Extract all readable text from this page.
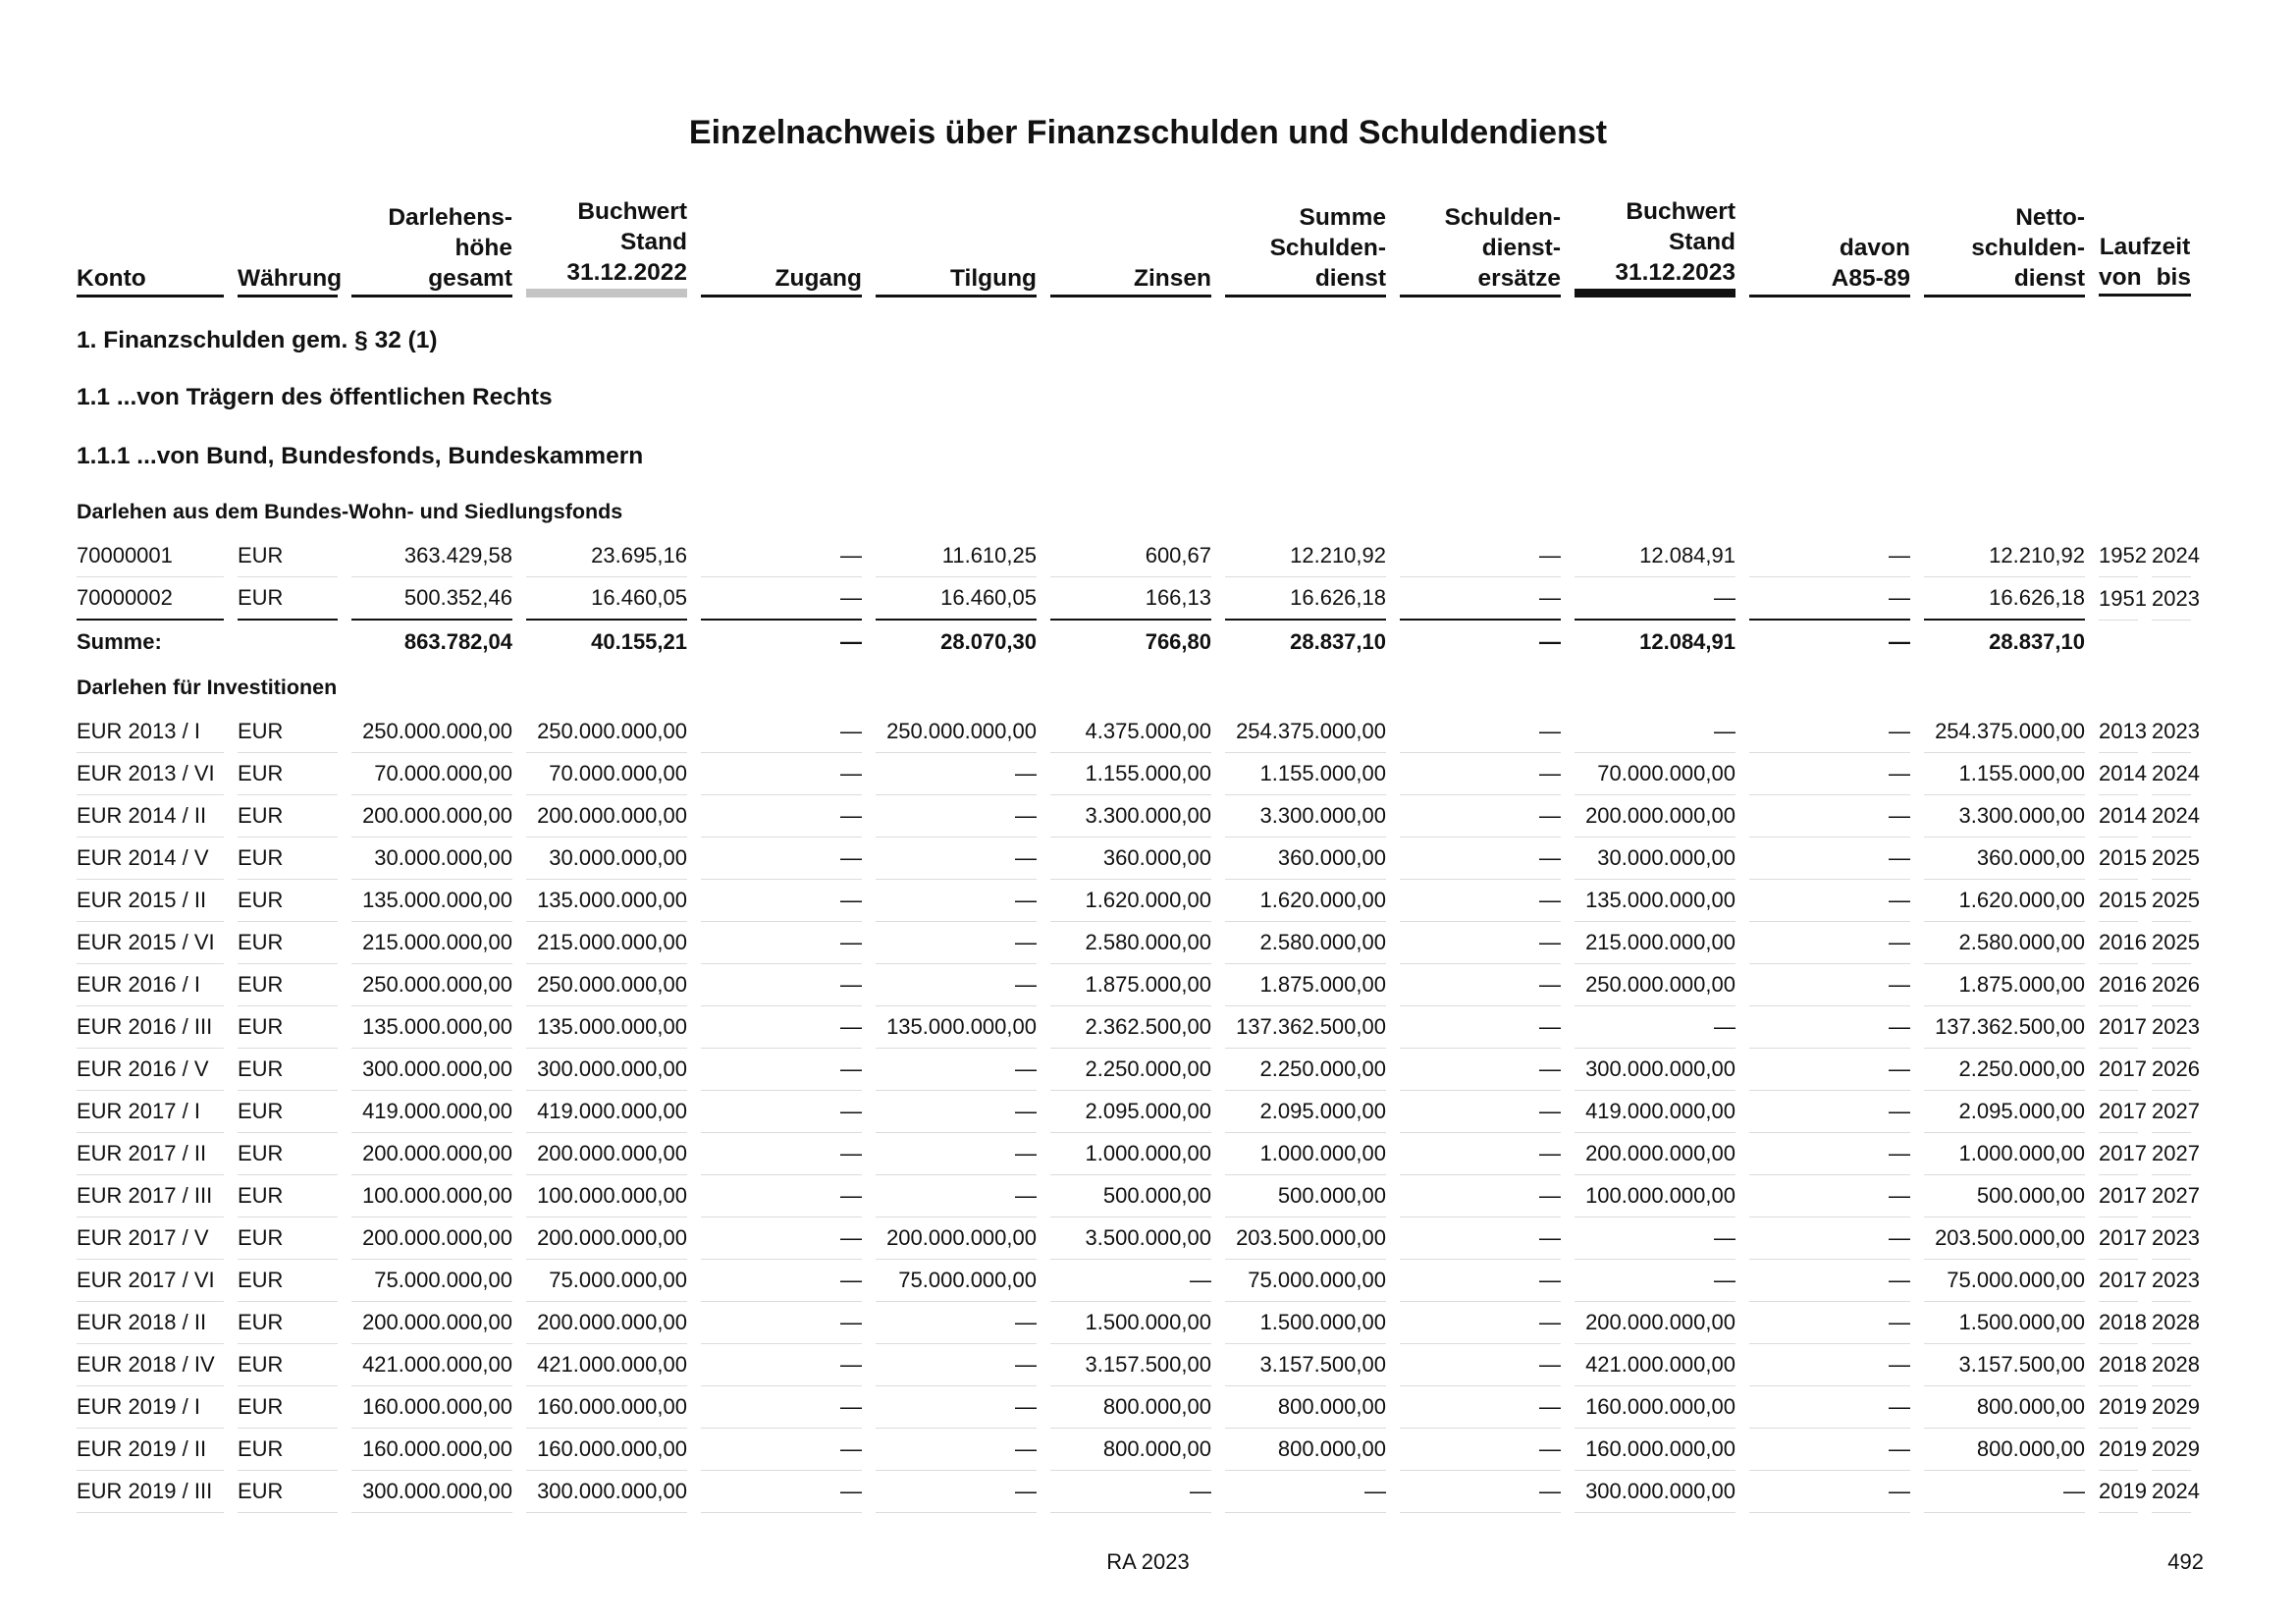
Einzelnachweis über Finanzschulden und Schuldendienst
Konto	Währung	Darlehens-
höhe
gesamt	Buchwert
Stand
31.12.2022	Zugang	Tilgung	Zinsen	Summe
Schulden-
dienst	Schulden-
dienst-
ersätze	Buchwert
Stand
31.12.2023	davon
A85-89	Netto-
schulden-
dienst	Laufzeit
von bis	

1. Finanzschulden gem. § 32 (1)													
1.1 ...von Trägern des öffentlichen Rechts													
1.1.1 ...von Bund, Bundesfonds, Bundeskammern													
Darlehen aus dem Bundes-Wohn- und Siedlungsfonds													
70000001	EUR	363.429,58	23.695,16	—	11.610,25	600,67	12.210,92	—	12.084,91	—	12.210,92	1952	2024
70000002	EUR	500.352,46	16.460,05	—	16.460,05	166,13	16.626,18	—	—	—	16.626,18	1951	2023
Summe:		863.782,04	40.155,21	—	28.070,30	766,80	28.837,10	—	12.084,91	—	28.837,10		
Darlehen für Investitionen													
EUR 2013 / I	EUR	250.000.000,00	250.000.000,00	—	250.000.000,00	4.375.000,00	254.375.000,00	—	—	—	254.375.000,00	2013	2023
EUR 2013 / VI	EUR	70.000.000,00	70.000.000,00	—	—	1.155.000,00	1.155.000,00	—	70.000.000,00	—	1.155.000,00	2014	2024
EUR 2014 / II	EUR	200.000.000,00	200.000.000,00	—	—	3.300.000,00	3.300.000,00	—	200.000.000,00	—	3.300.000,00	2014	2024
EUR 2014 / V	EUR	30.000.000,00	30.000.000,00	—	—	360.000,00	360.000,00	—	30.000.000,00	—	360.000,00	2015	2025
EUR 2015 / II	EUR	135.000.000,00	135.000.000,00	—	—	1.620.000,00	1.620.000,00	—	135.000.000,00	—	1.620.000,00	2015	2025
EUR 2015 / VI	EUR	215.000.000,00	215.000.000,00	—	—	2.580.000,00	2.580.000,00	—	215.000.000,00	—	2.580.000,00	2016	2025
EUR 2016 / I	EUR	250.000.000,00	250.000.000,00	—	—	1.875.000,00	1.875.000,00	—	250.000.000,00	—	1.875.000,00	2016	2026
EUR 2016 / III	EUR	135.000.000,00	135.000.000,00	—	135.000.000,00	2.362.500,00	137.362.500,00	—	—	—	137.362.500,00	2017	2023
EUR 2016 / V	EUR	300.000.000,00	300.000.000,00	—	—	2.250.000,00	2.250.000,00	—	300.000.000,00	—	2.250.000,00	2017	2026
EUR 2017 / I	EUR	419.000.000,00	419.000.000,00	—	—	2.095.000,00	2.095.000,00	—	419.000.000,00	—	2.095.000,00	2017	2027
EUR 2017 / II	EUR	200.000.000,00	200.000.000,00	—	—	1.000.000,00	1.000.000,00	—	200.000.000,00	—	1.000.000,00	2017	2027
EUR 2017 / III	EUR	100.000.000,00	100.000.000,00	—	—	500.000,00	500.000,00	—	100.000.000,00	—	500.000,00	2017	2027
EUR 2017 / V	EUR	200.000.000,00	200.000.000,00	—	200.000.000,00	3.500.000,00	203.500.000,00	—	—	—	203.500.000,00	2017	2023
EUR 2017 / VI	EUR	75.000.000,00	75.000.000,00	—	75.000.000,00	—	75.000.000,00	—	—	—	75.000.000,00	2017	2023
EUR 2018 / II	EUR	200.000.000,00	200.000.000,00	—	—	1.500.000,00	1.500.000,00	—	200.000.000,00	—	1.500.000,00	2018	2028
EUR 2018 / IV	EUR	421.000.000,00	421.000.000,00	—	—	3.157.500,00	3.157.500,00	—	421.000.000,00	—	3.157.500,00	2018	2028
EUR 2019 / I	EUR	160.000.000,00	160.000.000,00	—	—	800.000,00	800.000,00	—	160.000.000,00	—	800.000,00	2019	2029
EUR 2019 / II	EUR	160.000.000,00	160.000.000,00	—	—	800.000,00	800.000,00	—	160.000.000,00	—	800.000,00	2019	2029
EUR 2019 / III	EUR	300.000.000,00	300.000.000,00	—	—	—	—	—	300.000.000,00	—	—	2019	2024
RA 2023	492
